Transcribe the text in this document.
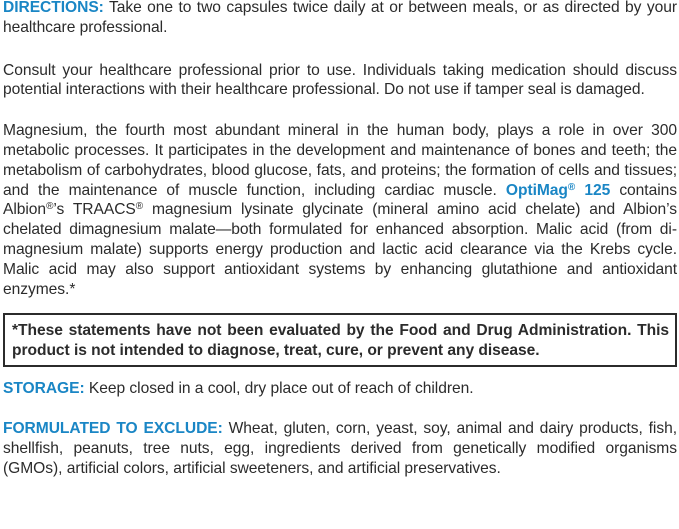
DIRECTIONS: Take one to two capsules twice daily at or between meals, or as directed by your healthcare professional.

Consult your healthcare professional prior to use. Individuals taking medication should discuss potential interactions with their healthcare professional. Do not use if tamper seal is damaged.

Magnesium, the fourth most abundant mineral in the human body, plays a role in over 300 metabolic processes. It participates in the development and maintenance of bones and teeth; the metabolism of carbohydrates, blood glucose, fats, and proteins; the formation of cells and tissues; and the maintenance of muscle function, including cardiac muscle. OptiMag® 125 contains Albion®’s TRAACS® magnesium lysinate glycinate (mineral amino acid chelate) and Albion’s chelated dimagnesium malate—both formulated for enhanced absorption. Malic acid (from di-magnesium malate) supports energy production and lactic acid clearance via the Krebs cycle. Malic acid may also support antioxidant systems by enhancing glutathione and antioxidant enzymes.*

*These statements have not been evaluated by the Food and Drug Administration. This product is not intended to diagnose, treat, cure, or prevent any disease.

STORAGE: Keep closed in a cool, dry place out of reach of children.

FORMULATED TO EXCLUDE: Wheat, gluten, corn, yeast, soy, animal and dairy products, fish, shellfish, peanuts, tree nuts, egg, ingredients derived from genetically modified organisms (GMOs), artificial colors, artificial sweeteners, and artificial preservatives.
